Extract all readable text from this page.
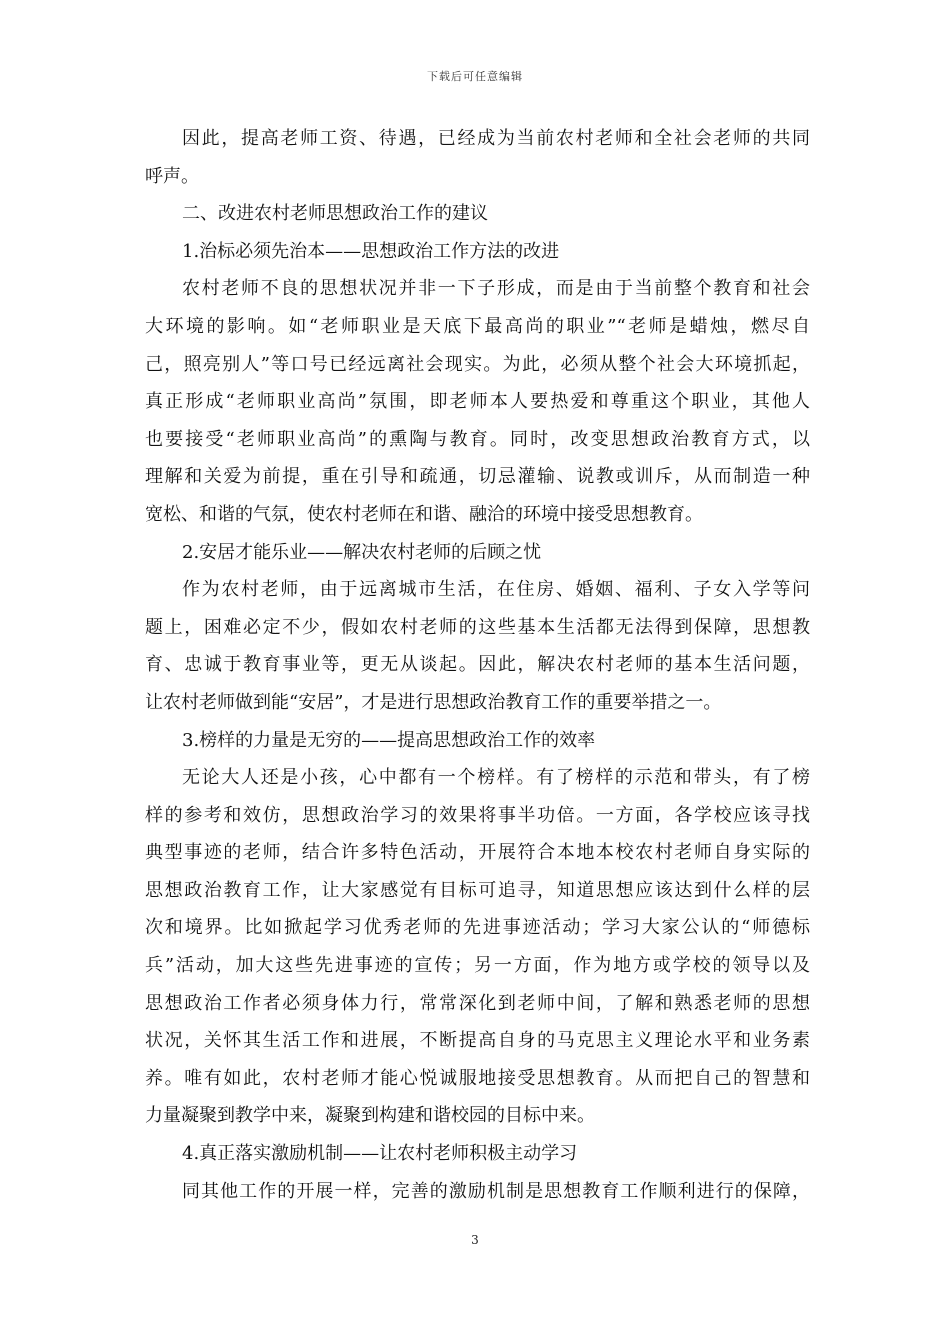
下载后可任意编辑
因此，提高老师工资、待遇，已经成为当前农村老师和全社会老师的共同
呼声。
二、改进农村老师思想政治工作的建议
1.治标必须先治本——思想政治工作方法的改进
农村老师不良的思想状况并非一下子形成，而是由于当前整个教育和社会
大环境的影响。如“老师职业是天底下最高尚的职业”“老师是蜡烛，燃尽自
己，照亮别人”等口号已经远离社会现实。为此，必须从整个社会大环境抓起，
真正形成“老师职业高尚”氛围，即老师本人要热爱和尊重这个职业，其他人
也要接受“老师职业高尚”的熏陶与教育。同时，改变思想政治教育方式，以
理解和关爱为前提，重在引导和疏通，切忌灌输、说教或训斥，从而制造一种
宽松、和谐的气氛，使农村老师在和谐、融洽的环境中接受思想教育。
2.安居才能乐业——解决农村老师的后顾之忧
作为农村老师，由于远离城市生活，在住房、婚姻、福利、子女入学等问
题上，困难必定不少，假如农村老师的这些基本生活都无法得到保障，思想教
育、忠诚于教育事业等，更无从谈起。因此，解决农村老师的基本生活问题，
让农村老师做到能“安居”，才是进行思想政治教育工作的重要举措之一。
3.榜样的力量是无穷的——提高思想政治工作的效率
无论大人还是小孩，心中都有一个榜样。有了榜样的示范和带头，有了榜
样的参考和效仿，思想政治学习的效果将事半功倍。一方面，各学校应该寻找
典型事迹的老师，结合许多特色活动，开展符合本地本校农村老师自身实际的
思想政治教育工作，让大家感觉有目标可追寻，知道思想应该达到什么样的层
次和境界。比如掀起学习优秀老师的先进事迹活动；学习大家公认的“师德标
兵”活动，加大这些先进事迹的宣传；另一方面，作为地方或学校的领导以及
思想政治工作者必须身体力行，常常深化到老师中间，了解和熟悉老师的思想
状况，关怀其生活工作和进展，不断提高自身的马克思主义理论水平和业务素
养。唯有如此，农村老师才能心悦诚服地接受思想教育。从而把自己的智慧和
力量凝聚到教学中来，凝聚到构建和谐校园的目标中来。
4.真正落实激励机制——让农村老师积极主动学习
同其他工作的开展一样，完善的激励机制是思想教育工作顺利进行的保障，
3
